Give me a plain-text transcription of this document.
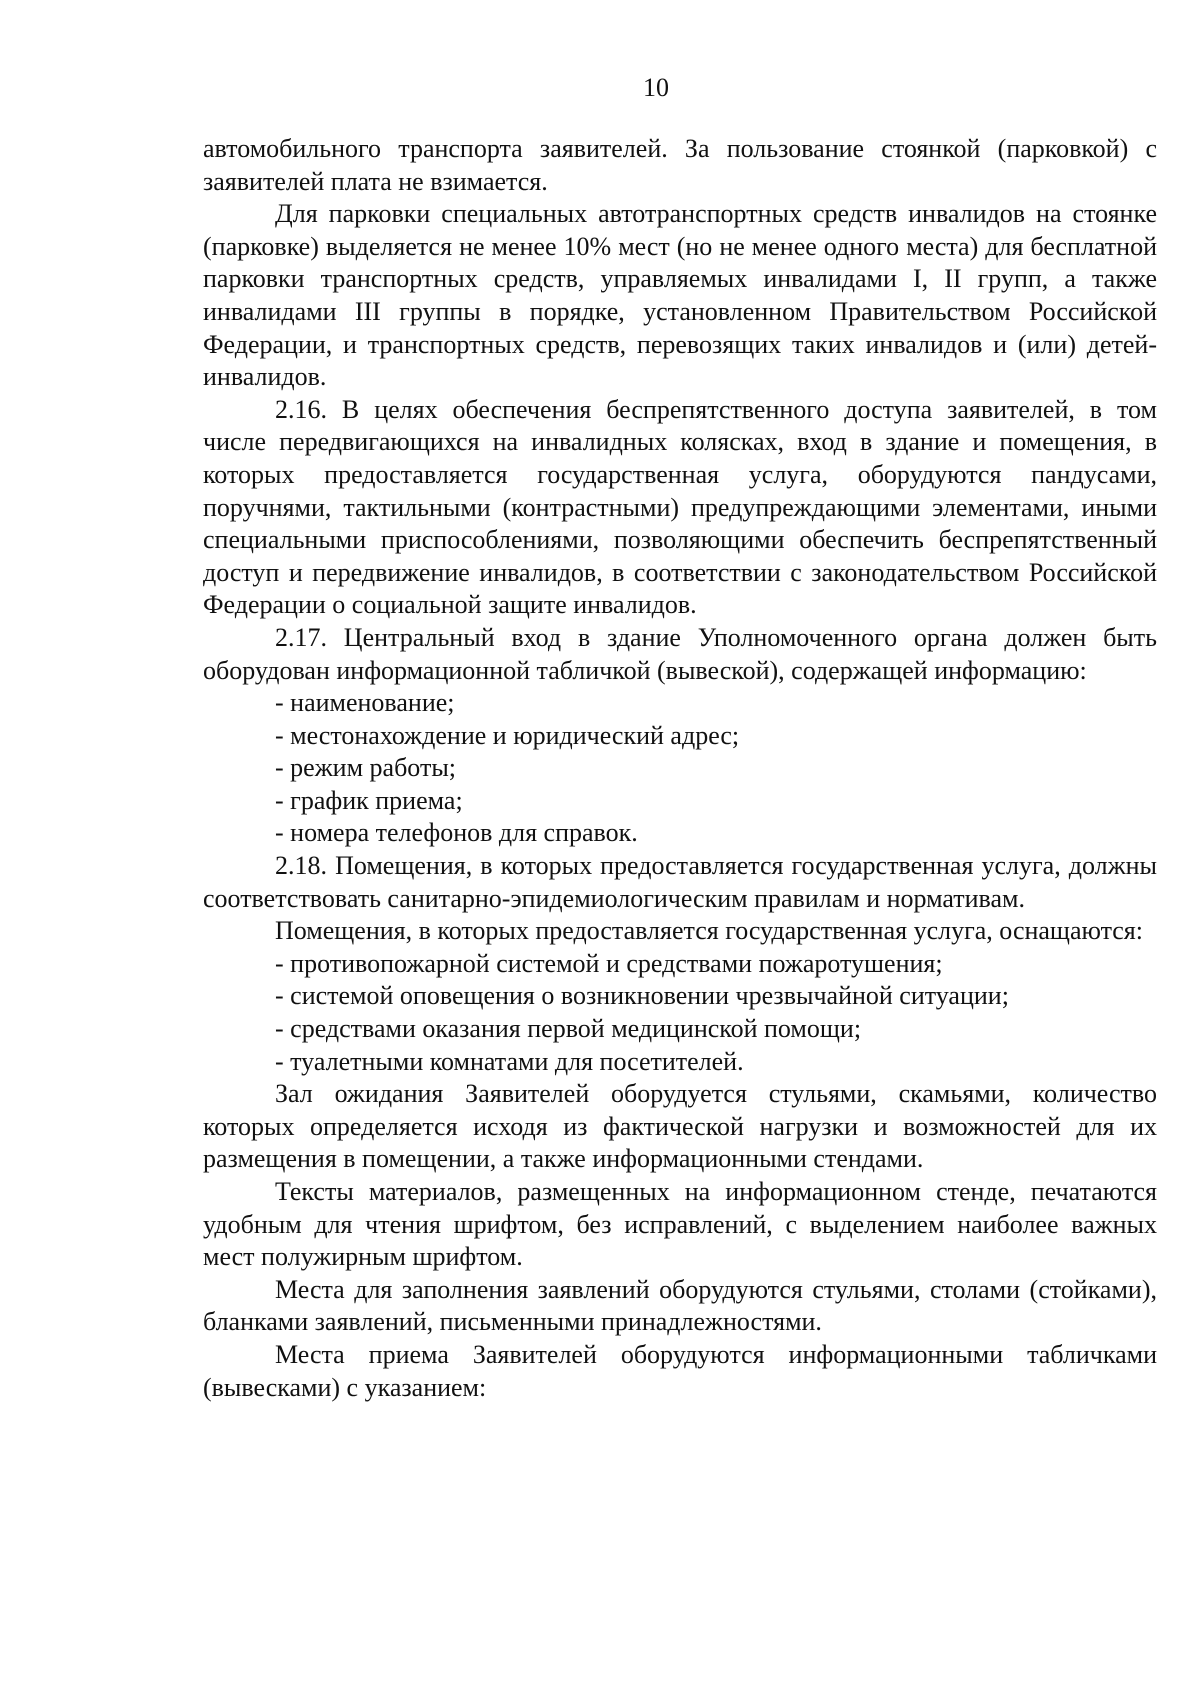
10

автомобильного транспорта заявителей. За пользование стоянкой (парковкой) с заявителей плата не взимается.

Для парковки специальных автотранспортных средств инвалидов на стоянке (парковке) выделяется не менее 10% мест (но не менее одного места) для бесплатной парковки транспортных средств, управляемых инвалидами I, II групп, а также инвалидами III группы в порядке, установленном Правительством Российской Федерации, и транспортных средств, перевозящих таких инвалидов и (или) детей-инвалидов.

2.16. В целях обеспечения беспрепятственного доступа заявителей, в том числе передвигающихся на инвалидных колясках, вход в здание и помещения, в которых предоставляется государственная услуга, оборудуются пандусами, поручнями, тактильными (контрастными) предупреждающими элементами, иными специальными приспособлениями, позволяющими обеспечить беспрепятственный доступ и передвижение инвалидов, в соответствии с законодательством Российской Федерации о социальной защите инвалидов.

2.17. Центральный вход в здание Уполномоченного органа должен быть оборудован информационной табличкой (вывеской), содержащей информацию:

- наименование;

- местонахождение и юридический адрес;

- режим работы;

- график приема;

- номера телефонов для справок.

2.18. Помещения, в которых предоставляется государственная услуга, должны соответствовать санитарно-эпидемиологическим правилам и нормативам.

Помещения, в которых предоставляется государственная услуга, оснащаются:

- противопожарной системой и средствами пожаротушения;

- системой оповещения о возникновении чрезвычайной ситуации;

- средствами оказания первой медицинской помощи;

- туалетными комнатами для посетителей.

Зал ожидания Заявителей оборудуется стульями, скамьями, количество которых определяется исходя из фактической нагрузки и возможностей для их размещения в помещении, а также информационными стендами.

Тексты материалов, размещенных на информационном стенде, печатаются удобным для чтения шрифтом, без исправлений, с выделением наиболее важных мест полужирным шрифтом.

Места для заполнения заявлений оборудуются стульями, столами (стойками), бланками заявлений, письменными принадлежностями.

Места приема Заявителей оборудуются информационными табличками (вывесками) с указанием:
